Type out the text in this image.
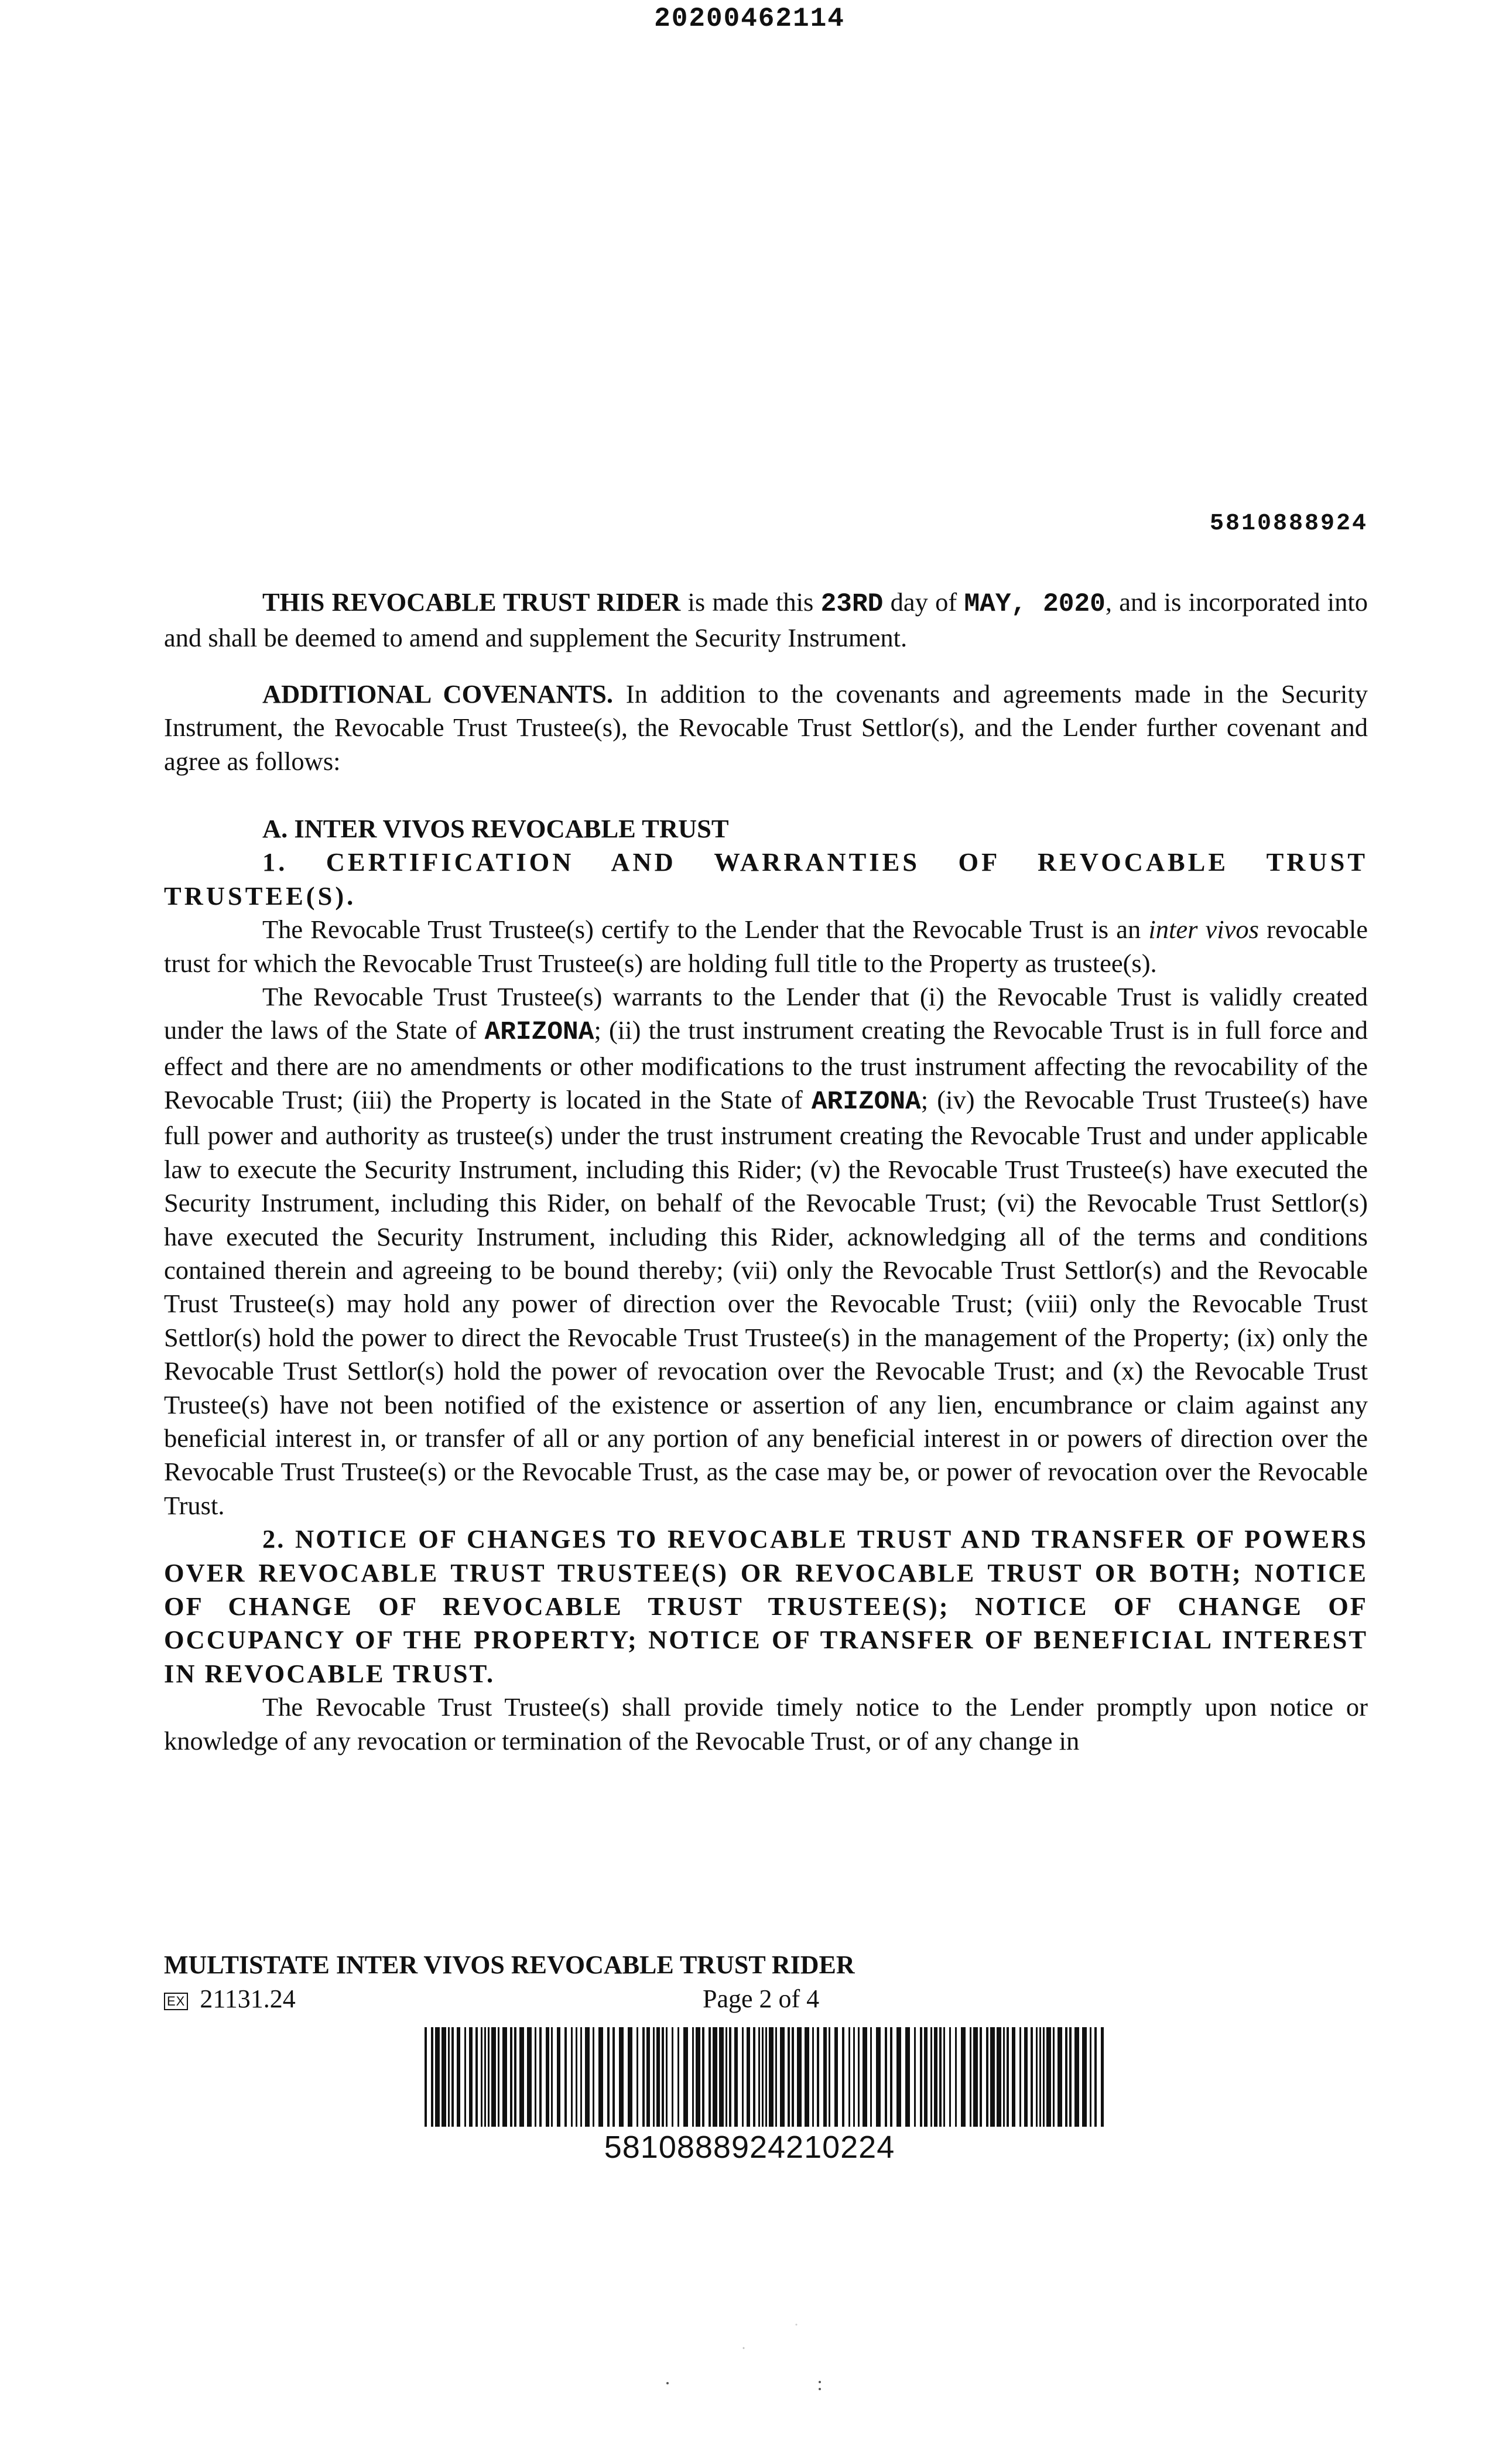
20200462114
5810888924

THIS REVOCABLE TRUST RIDER is made this 23RD day of MAY, 2020, and is incorporated into and shall be deemed to amend and supplement the Security Instrument.

ADDITIONAL COVENANTS. In addition to the covenants and agreements made in the Security Instrument, the Revocable Trust Trustee(s), the Revocable Trust Settlor(s), and the Lender further covenant and agree as follows:

A. INTER VIVOS REVOCABLE TRUST

1. CERTIFICATION AND WARRANTIES OF REVOCABLE TRUST TRUSTEE(S).

The Revocable Trust Trustee(s) certify to the Lender that the Revocable Trust is an inter vivos revocable trust for which the Revocable Trust Trustee(s) are holding full title to the Property as trustee(s).

The Revocable Trust Trustee(s) warrants to the Lender that (i) the Revocable Trust is validly created under the laws of the State of ARIZONA; (ii) the trust instrument creating the Revocable Trust is in full force and effect and there are no amendments or other modifications to the trust instrument affecting the revocability of the Revocable Trust; (iii) the Property is located in the State of ARIZONA; (iv) the Revocable Trust Trustee(s) have full power and authority as trustee(s) under the trust instrument creating the Revocable Trust and under applicable law to execute the Security Instrument, including this Rider; (v) the Revocable Trust Trustee(s) have executed the Security Instrument, including this Rider, on behalf of the Revocable Trust; (vi) the Revocable Trust Settlor(s) have executed the Security Instrument, including this Rider, acknowledging all of the terms and conditions contained therein and agreeing to be bound thereby; (vii) only the Revocable Trust Settlor(s) and the Revocable Trust Trustee(s) may hold any power of direction over the Revocable Trust; (viii) only the Revocable Trust Settlor(s) hold the power to direct the Revocable Trust Trustee(s) in the management of the Property; (ix) only the Revocable Trust Settlor(s) hold the power of revocation over the Revocable Trust; and (x) the Revocable Trust Trustee(s) have not been notified of the existence or assertion of any lien, encumbrance or claim against any beneficial interest in, or transfer of all or any portion of any beneficial interest in or powers of direction over the Revocable Trust Trustee(s) or the Revocable Trust, as the case may be, or power of revocation over the Revocable Trust.

2. NOTICE OF CHANGES TO REVOCABLE TRUST AND TRANSFER OF POWERS OVER REVOCABLE TRUST TRUSTEE(S) OR REVOCABLE TRUST OR BOTH; NOTICE OF CHANGE OF REVOCABLE TRUST TRUSTEE(S); NOTICE OF CHANGE OF OCCUPANCY OF THE PROPERTY; NOTICE OF TRANSFER OF BENEFICIAL INTEREST IN REVOCABLE TRUST.

The Revocable Trust Trustee(s) shall provide timely notice to the Lender promptly upon notice or knowledge of any revocation or termination of the Revocable Trust, or of any change in

MULTISTATE INTER VIVOS REVOCABLE TRUST RIDER
EX 21131.24	Page 2 of 4
5810888924210224
